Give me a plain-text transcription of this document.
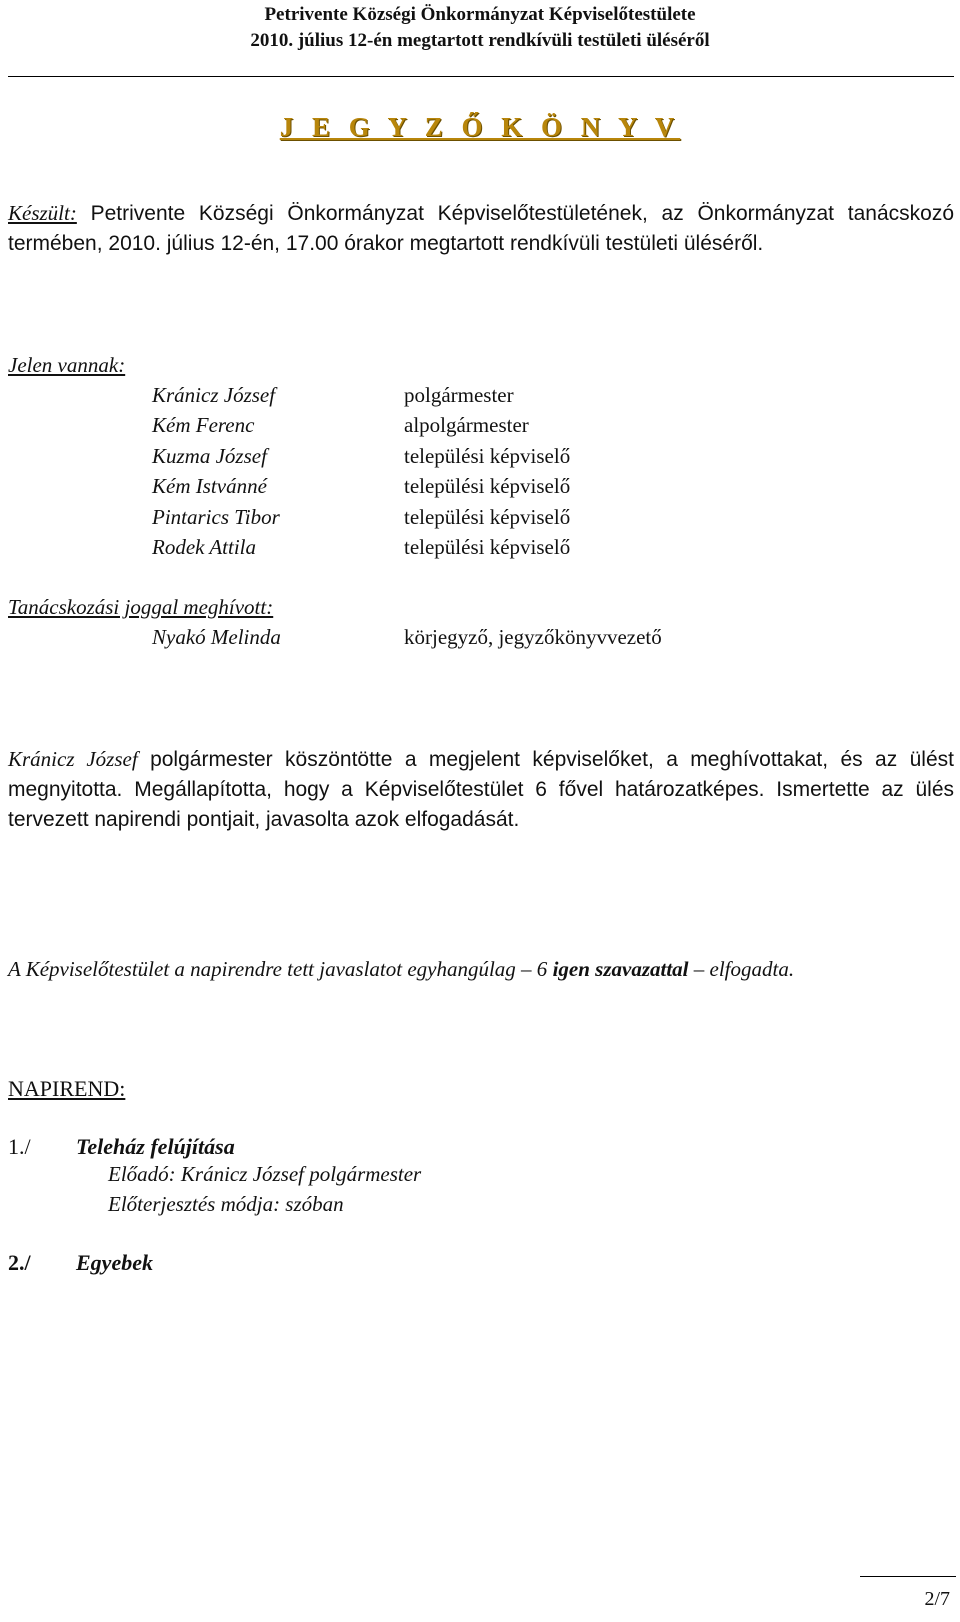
Petrivente Községi Önkormányzat Képviselőtestülete
2010. július 12-én megtartott rendkívüli testületi üléséről
J E G Y Z Ő K Ö N Y V
Készült: Petrivente Községi Önkormányzat Képviselőtestületének, az Önkormányzat tanácskozó termében, 2010. július 12-én, 17.00 órakor megtartott rendkívüli testületi üléséről.
Jelen vannak:
Kránicz József	polgármester
Kém Ferenc	alpolgármester
Kuzma József	települési képviselő
Kém Istvánné	települési képviselő
Pintarics Tibor	települési képviselő
Rodek Attila	települési képviselő
Tanácskozási joggal meghívott:
Nyakó Melinda	körjegyző, jegyzőkönyvvezető
Kránicz József polgármester köszöntötte a megjelent képviselőket, a meghívottakat, és az ülést megnyitotta. Megállapította, hogy a Képviselőtestület 6 fővel határozatképes. Ismertette az ülés tervezett napirendi pontjait, javasolta azok elfogadását.
A Képviselőtestület a napirendre tett javaslatot egyhangúlag – 6 igen szavazattal – elfogadta.
NAPIREND:
1./ Teleház felújítása
Előadó: Kránicz József polgármester
Előterjesztés módja: szóban
2./ Egyebek
2/7
